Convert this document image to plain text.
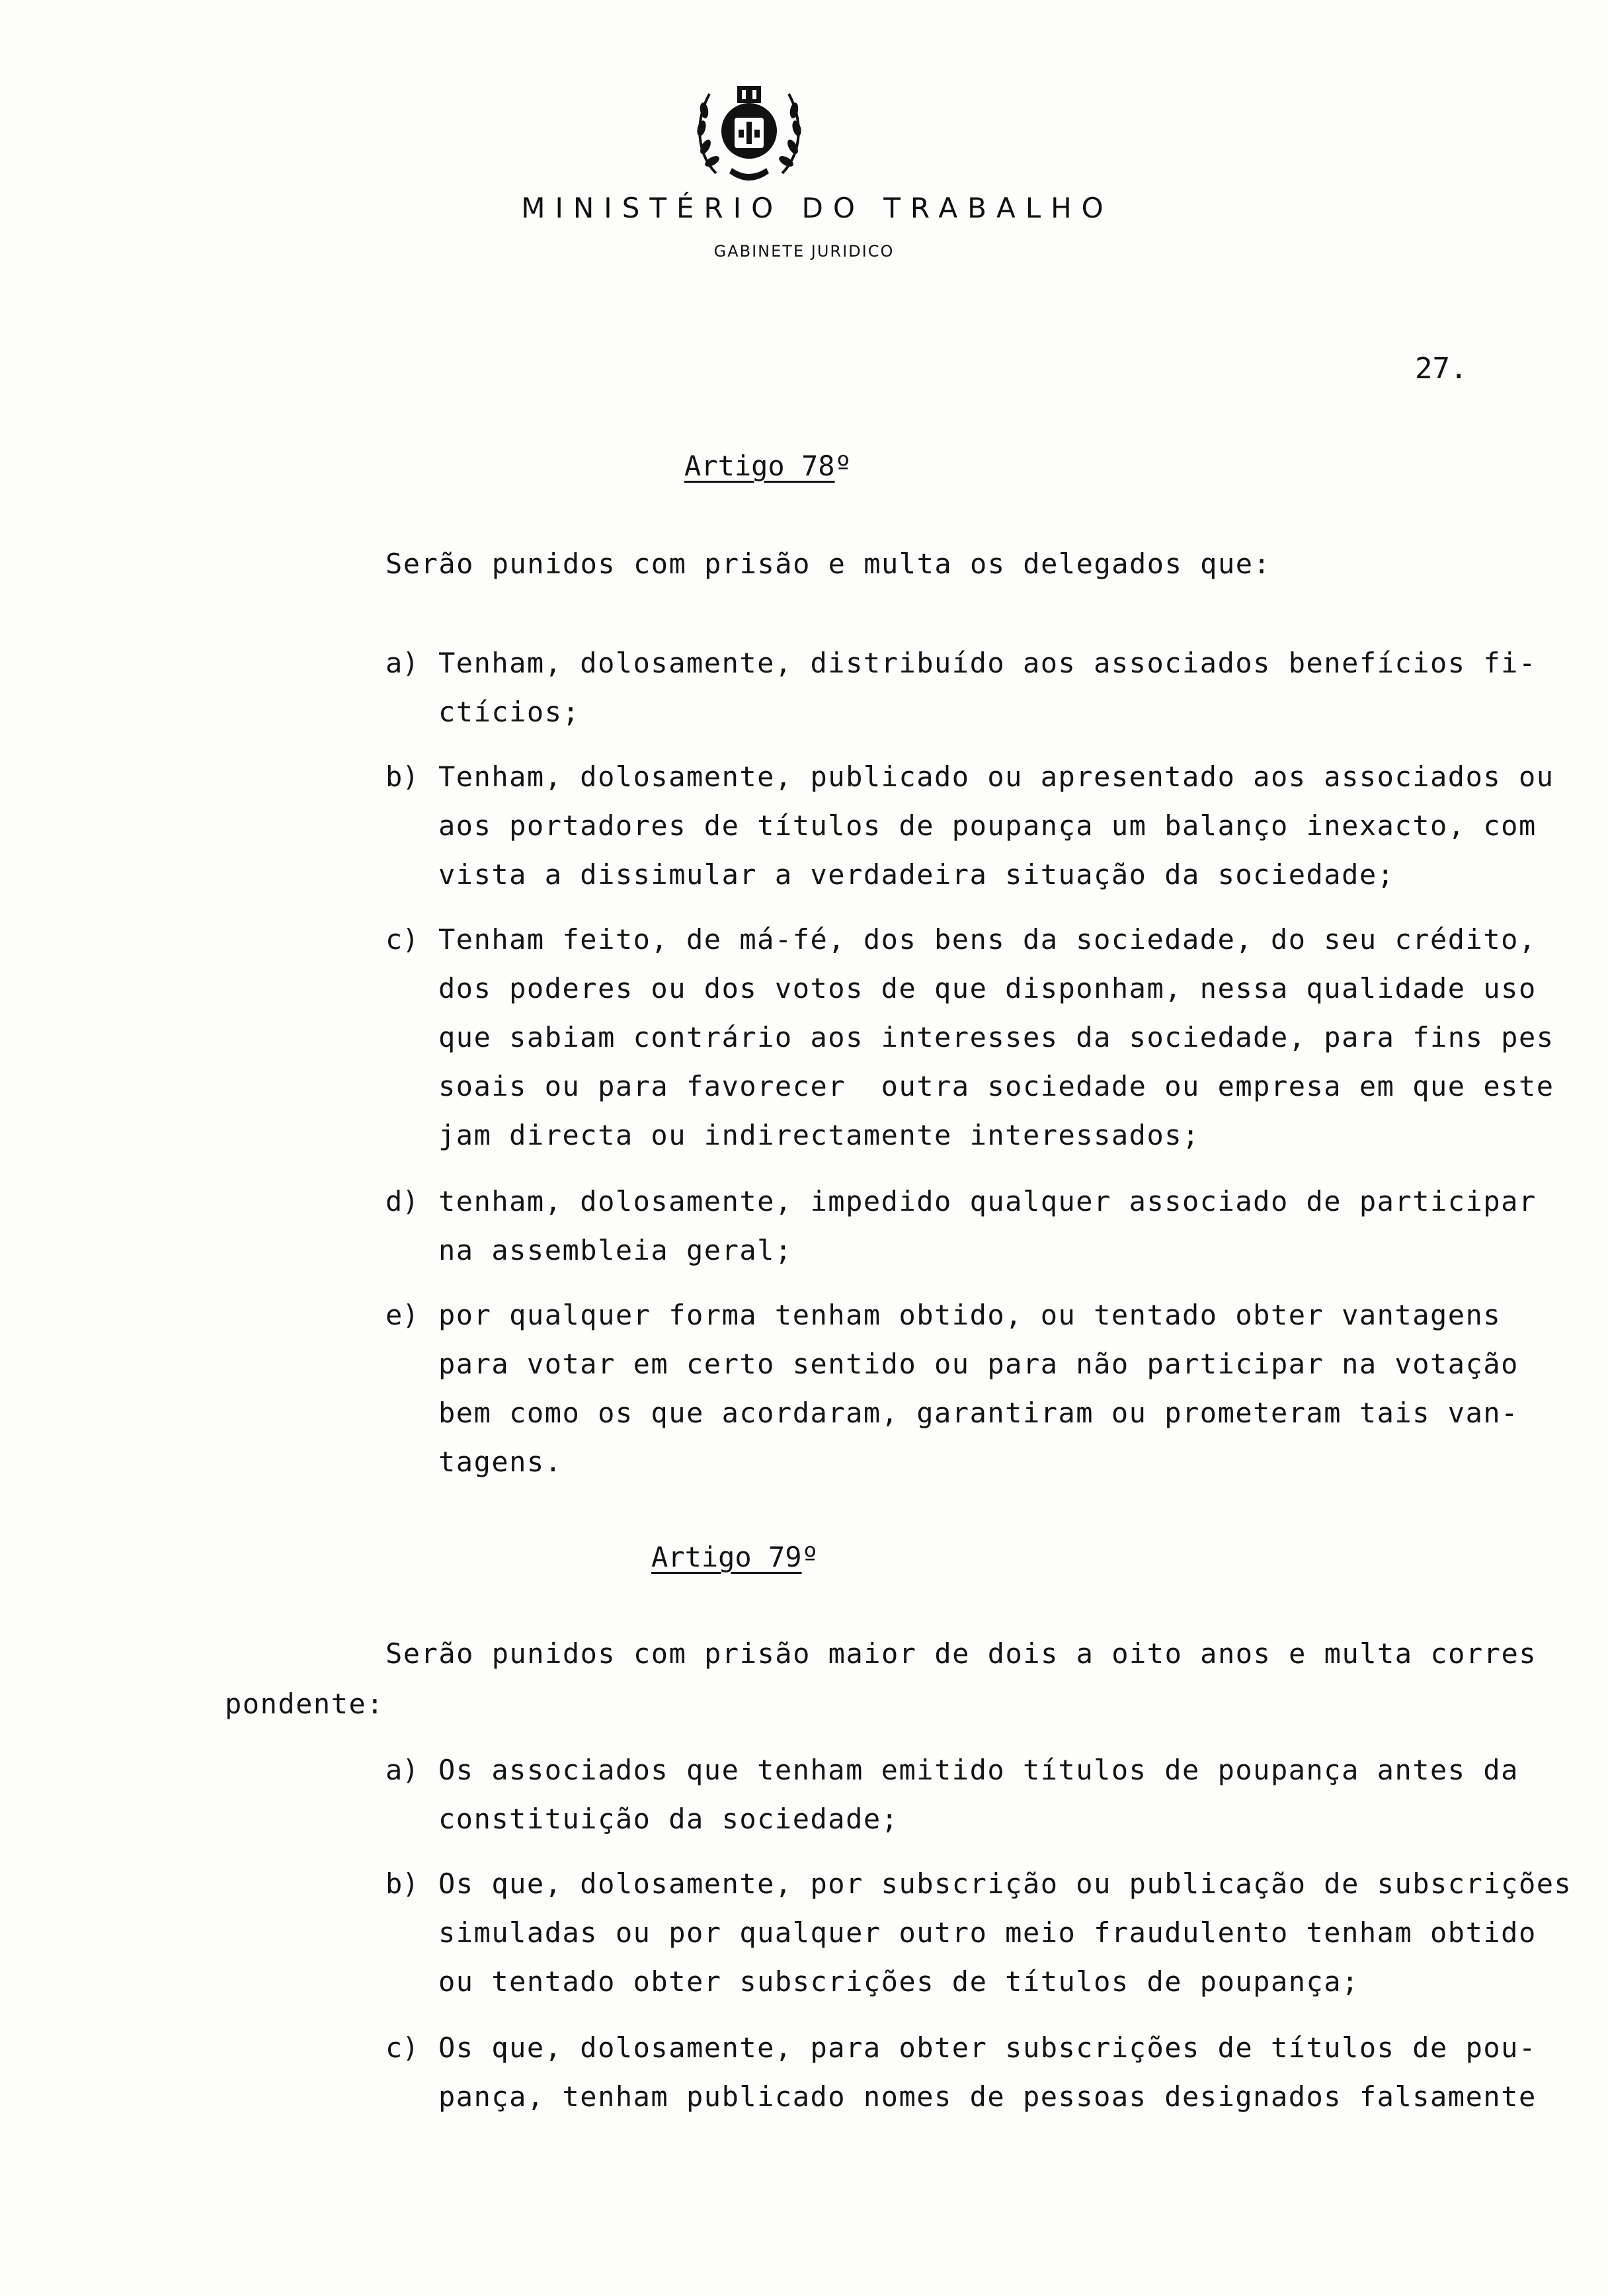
MINISTÉRIO DO TRABALHO
GABINETE JURIDICO
27.
Artigo 78º
Serão punidos com prisão e multa os delegados que:
a) Tenham, dolosamente, distribuído aos associados benefícios fi-
ctícios;
b) Tenham, dolosamente, publicado ou apresentado aos associados ou
aos portadores de títulos de poupança um balanço inexacto, com
vista a dissimular a verdadeira situação da sociedade;
c) Tenham feito, de má-fé, dos bens da sociedade, do seu crédito,
dos poderes ou dos votos de que disponham, nessa qualidade uso
que sabiam contrário aos interesses da sociedade, para fins pes
soais ou para favorecer  outra sociedade ou empresa em que este
jam directa ou indirectamente interessados;
d) tenham, dolosamente, impedido qualquer associado de participar
na assembleia geral;
e) por qualquer forma tenham obtido, ou tentado obter vantagens
para votar em certo sentido ou para não participar na votação
bem como os que acordaram, garantiram ou prometeram tais van-
tagens.
Artigo 79º
Serão punidos com prisão maior de dois a oito anos e multa corres
pondente:
a) Os associados que tenham emitido títulos de poupança antes da
constituição da sociedade;
b) Os que, dolosamente, por subscrição ou publicação de subscrições
simuladas ou por qualquer outro meio fraudulento tenham obtido
ou tentado obter subscrições de títulos de poupança;
c) Os que, dolosamente, para obter subscrições de títulos de pou-
pança, tenham publicado nomes de pessoas designados falsamente
